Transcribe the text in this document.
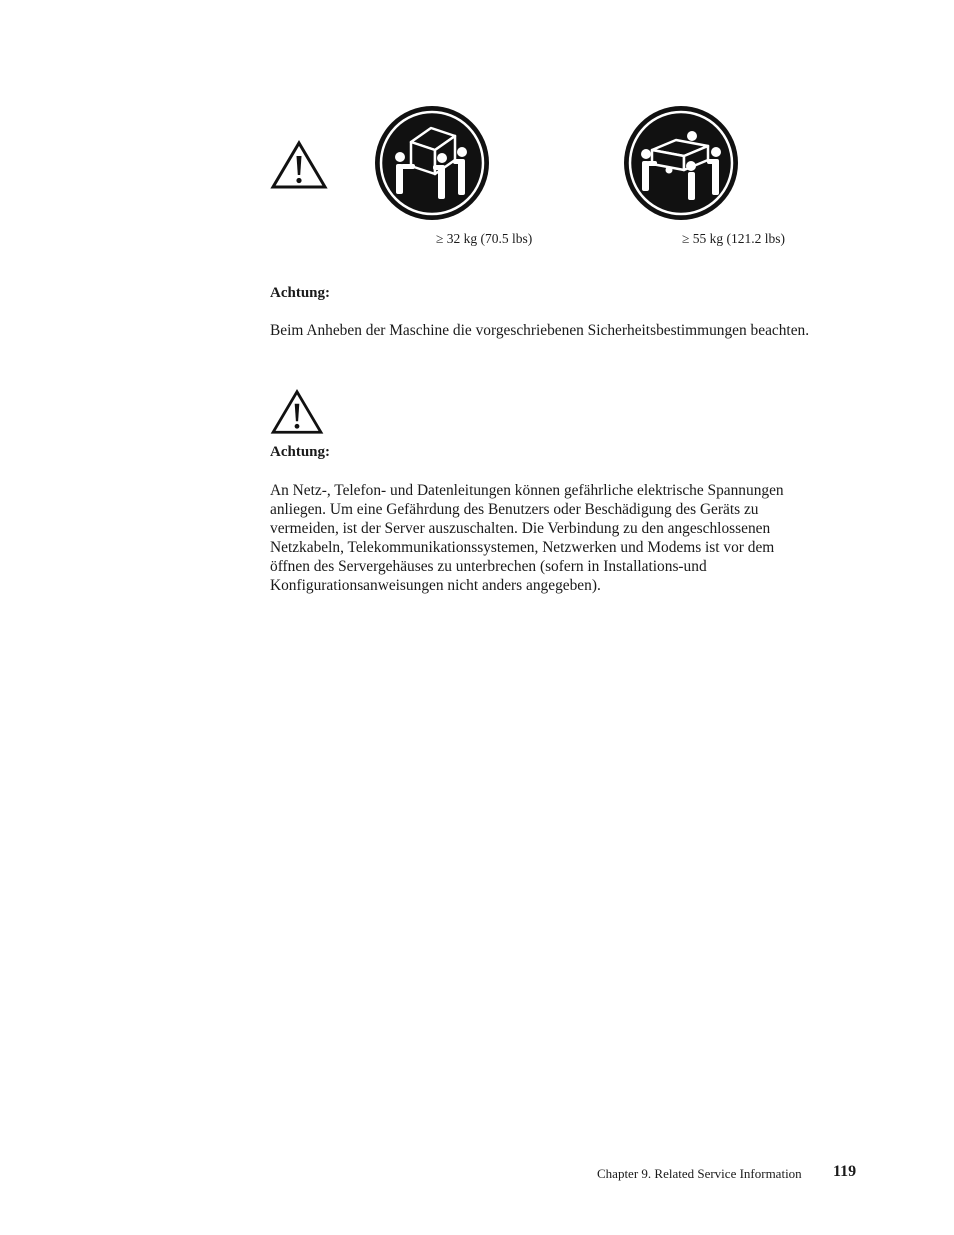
≥ 32 kg (70.5 lbs)	≥ 55 kg (121.2 lbs)
Achtung:
Beim Anheben der Maschine die vorgeschriebenen Sicherheitsbestimmungen beachten.
Achtung:
An Netz-, Telefon- und Datenleitungen können gefährliche elektrische Spannungen
anliegen. Um eine Gefährdung des Benutzers oder Beschädigung des Geräts zu
vermeiden, ist der Server auszuschalten. Die Verbindung zu den angeschlossenen
Netzkabeln, Telekommunikationssystemen, Netzwerken und Modems ist vor dem
öffnen des Servergehäuses zu unterbrechen (sofern in Installations-und
Konfigurationsanweisungen nicht anders angegeben).
Chapter 9. Related Service Information 119
